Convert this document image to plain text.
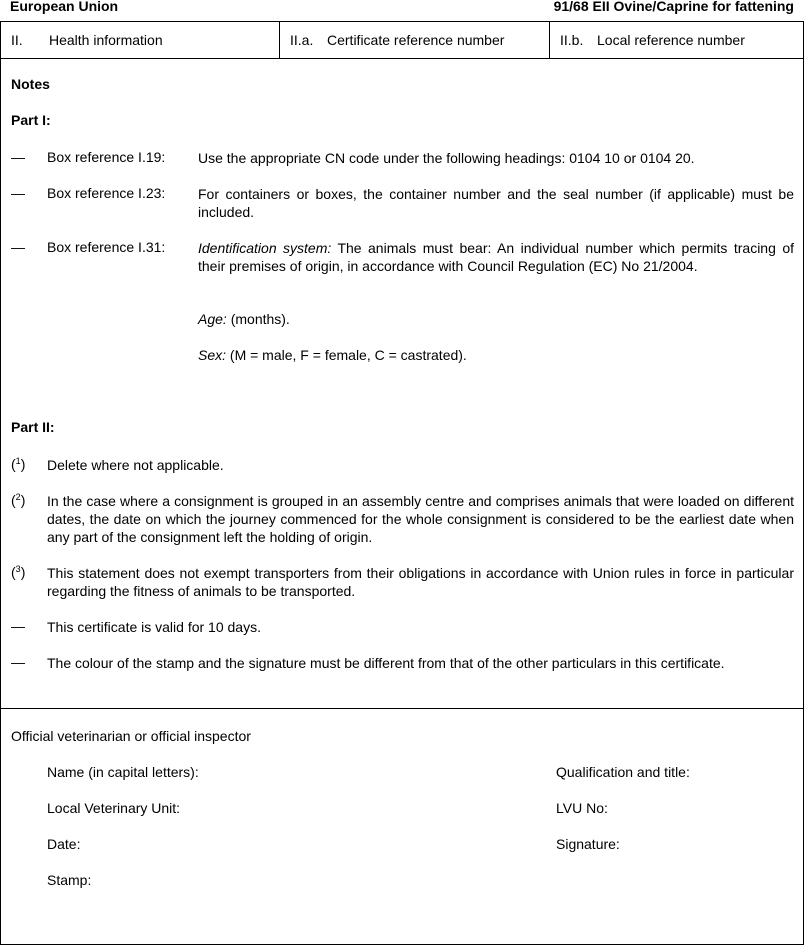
European Union	91/68 EII Ovine/Caprine for fattening
II. Health information	II.a. Certificate reference number	II.b. Local reference number
Notes
Part I:
— Box reference I.19: Use the appropriate CN code under the following headings: 0104 10 or 0104 20.
— Box reference I.23: For containers or boxes, the container number and the seal number (if applicable) must be included.
— Box reference I.31: Identification system: The animals must bear: An individual number which permits tracing of their premises of origin, in accordance with Council Regulation (EC) No 21/2004.
Age: (months).
Sex: (M = male, F = female, C = castrated).
Part II:
($^1$) Delete where not applicable.
($^2$) In the case where a consignment is grouped in an assembly centre and comprises animals that were loaded on different dates, the date on which the journey commenced for the whole consignment is considered to be the earliest date when any part of the consignment left the holding of origin.
($^3$) This statement does not exempt transporters from their obligations in accordance with Union rules in force in particular regarding the fitness of animals to be transported.
— This certificate is valid for 10 days.
— The colour of the stamp and the signature must be different from that of the other particulars in this certificate.
Official veterinarian or official inspector
Name (in capital letters):	Qualification and title:
Local Veterinary Unit:	LVU No:
Date:	Signature:
Stamp:
